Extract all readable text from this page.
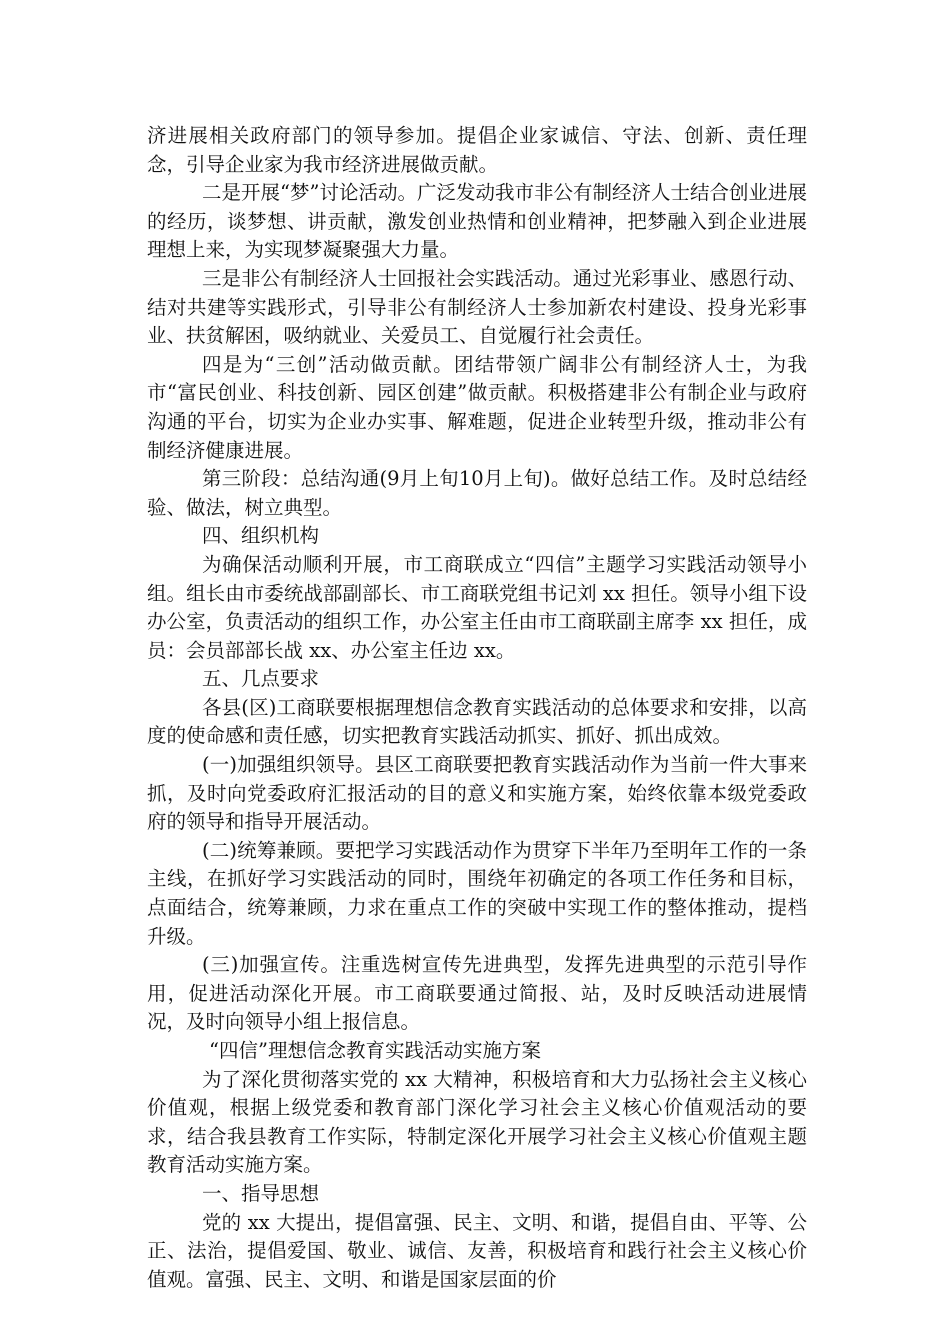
济进展相关政府部门的领导参加。提倡企业家诚信、守法、创新、责任理念，引导企业家为我市经济进展做贡献。

二是开展“梦”讨论活动。广泛发动我市非公有制经济人士结合创业进展的经历，谈梦想、讲贡献，激发创业热情和创业精神，把梦融入到企业进展理想上来，为实现梦凝聚强大力量。

三是非公有制经济人士回报社会实践活动。通过光彩事业、感恩行动、结对共建等实践形式，引导非公有制经济人士参加新农村建设、投身光彩事业、扶贫解困，吸纳就业、关爱员工、自觉履行社会责任。

四是为“三创”活动做贡献。团结带领广阔非公有制经济人士，为我市“富民创业、科技创新、园区创建”做贡献。积极搭建非公有制企业与政府沟通的平台，切实为企业办实事、解难题，促进企业转型升级，推动非公有制经济健康进展。

第三阶段：总结沟通(9月上旬10月上旬)。做好总结工作。及时总结经验、做法，树立典型。

四、组织机构

为确保活动顺利开展，市工商联成立“四信”主题学习实践活动领导小组。组长由市委统战部副部长、市工商联党组书记刘 xx 担任。领导小组下设办公室，负责活动的组织工作，办公室主任由市工商联副主席李 xx 担任，成员：会员部部长战 xx、办公室主任边 xx。

五、几点要求

各县(区)工商联要根据理想信念教育实践活动的总体要求和安排，以高度的使命感和责任感，切实把教育实践活动抓实、抓好、抓出成效。

(一)加强组织领导。县区工商联要把教育实践活动作为当前一件大事来抓，及时向党委政府汇报活动的目的意义和实施方案，始终依靠本级党委政府的领导和指导开展活动。

(二)统筹兼顾。要把学习实践活动作为贯穿下半年乃至明年工作的一条主线，在抓好学习实践活动的同时，围绕年初确定的各项工作任务和目标，点面结合，统筹兼顾，力求在重点工作的突破中实现工作的整体推动，提档升级。

(三)加强宣传。注重选树宣传先进典型，发挥先进典型的示范引导作用，促进活动深化开展。市工商联要通过简报、站，及时反映活动进展情况，及时向领导小组上报信息。

“四信”理想信念教育实践活动实施方案

为了深化贯彻落实党的 xx 大精神，积极培育和大力弘扬社会主义核心价值观，根据上级党委和教育部门深化学习社会主义核心价值观活动的要求，结合我县教育工作实际，特制定深化开展学习社会主义核心价值观主题教育活动实施方案。

一、指导思想

党的 xx 大提出，提倡富强、民主、文明、和谐，提倡自由、平等、公正、法治，提倡爱国、敬业、诚信、友善，积极培育和践行社会主义核心价值观。富强、民主、文明、和谐是国家层面的价
